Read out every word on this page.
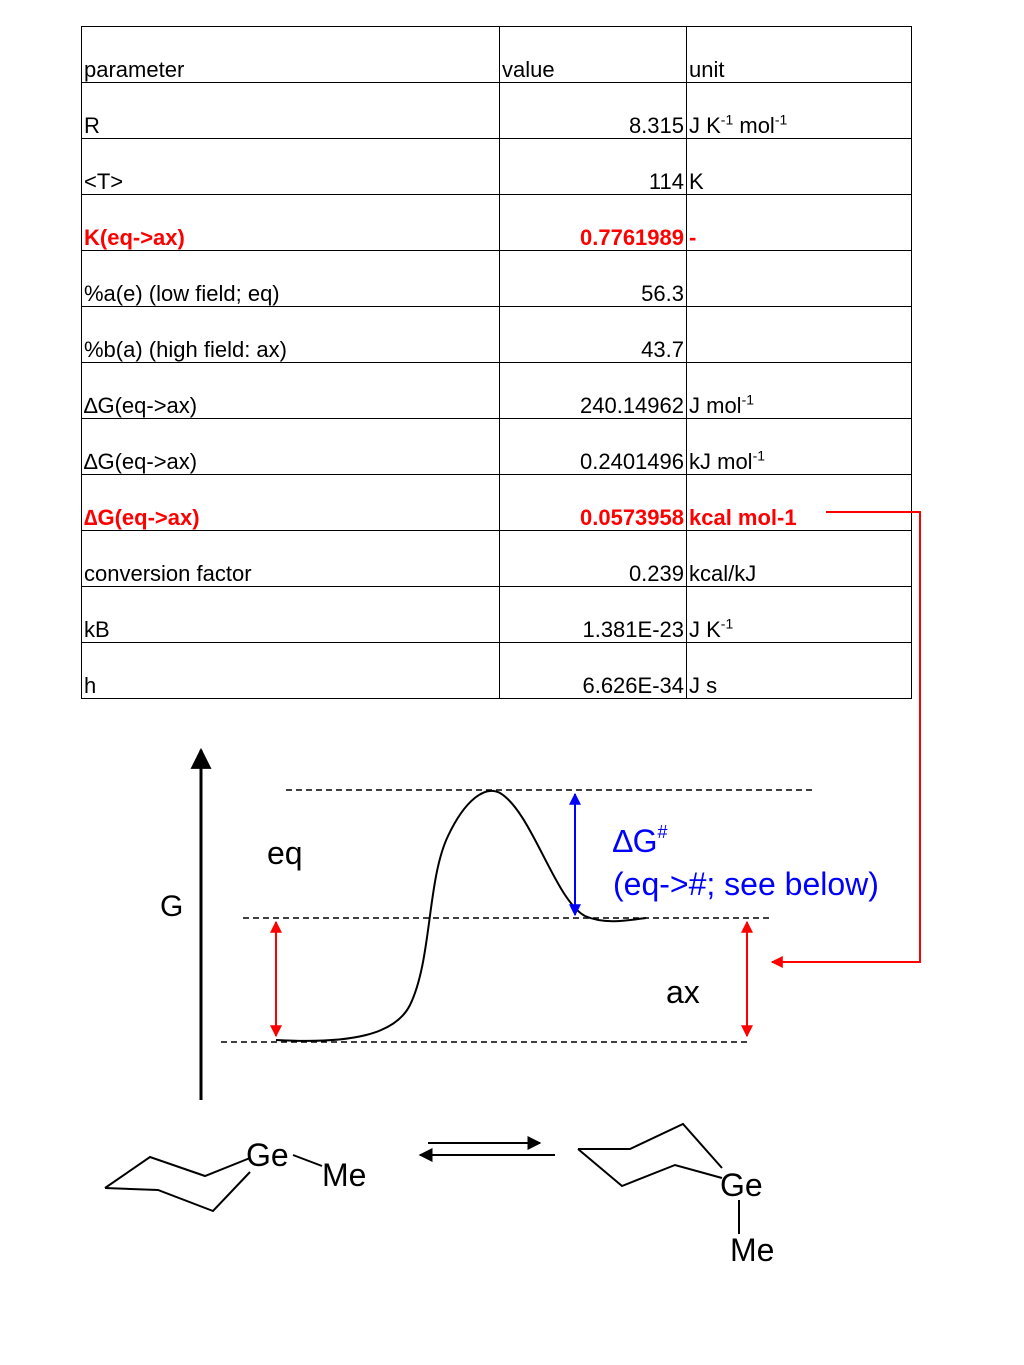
parameter	value	unit
R	8.315	J $K^{-1}$ mol$^{-1}$
<T>	114	K
K(eq->ax)	0.7761989	-
%a(e) (low field; eq)	56.3	
%b(a) (high field: ax)	43.7	
∆G(eq->ax)	240.14962	J mol$^{-1}$
∆G(eq->ax)	0.2401496	kJ mol$^{-1}$
∆G(eq->ax)	0.0573958	kcal mol-1
conversion factor	0.239	kcal/kJ
kB	1.381E-23	J $K^{-1}$
h	6.626E-34	J s
G
eq
ax
∆G#
(eq->#; see below)
Ge
Me	Ge
Me
